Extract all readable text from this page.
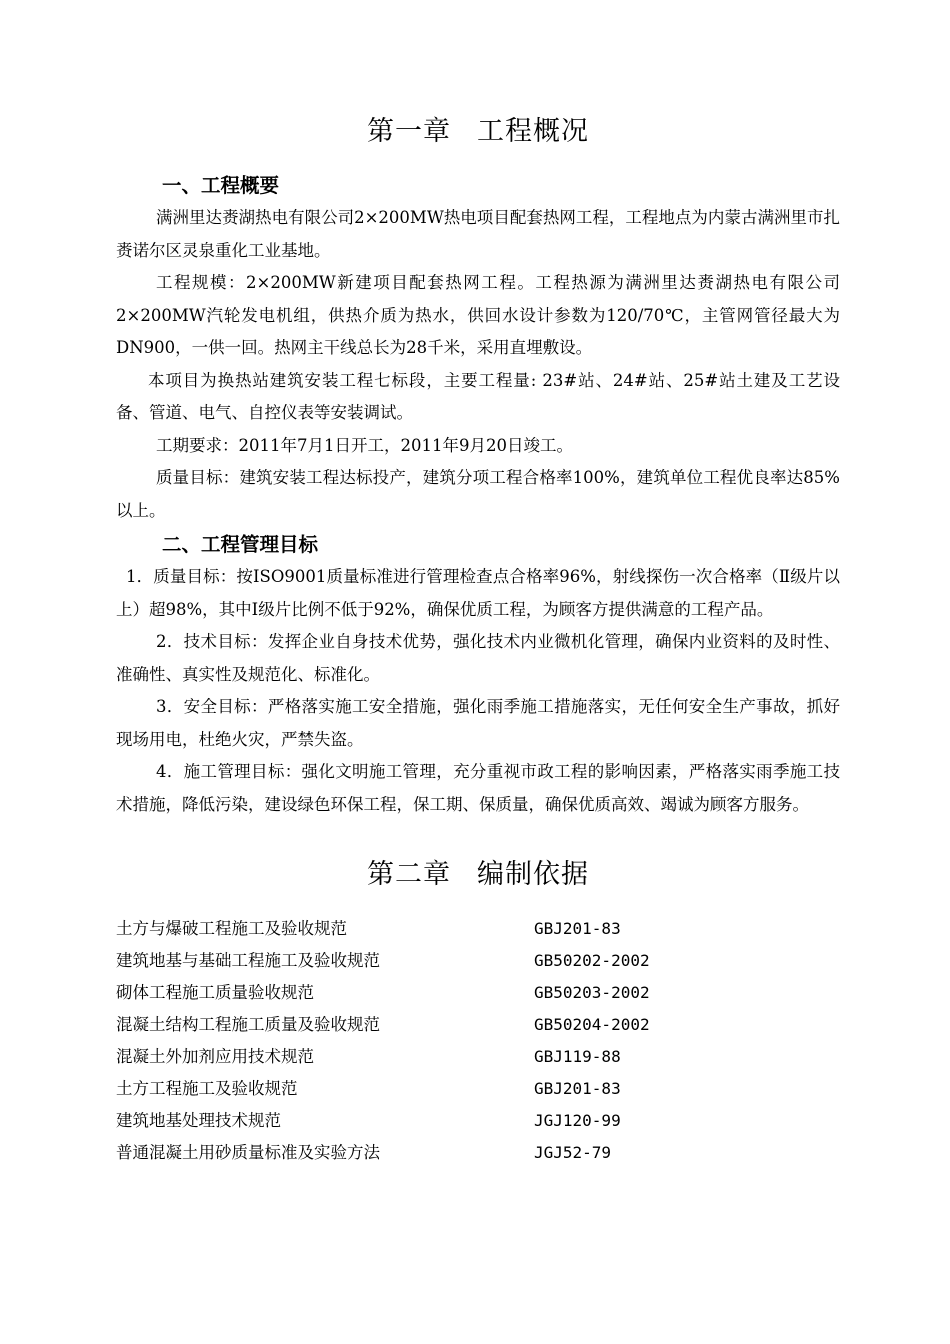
第一章 工程概况
一、工程概要

满洲里达赉湖热电有限公司2×200MW热电项目配套热网工程，工程地点为内蒙古满洲里市扎赉诺尔区灵泉重化工业基地。

工程规模：2×200MW新建项目配套热网工程。工程热源为满洲里达赉湖热电有限公司2×200MW汽轮发电机组，供热介质为热水，供回水设计参数为120/70℃，主管网管径最大为DN900，一供一回。热网主干线总长为28千米，采用直埋敷设。

本项目为换热站建筑安装工程七标段，主要工程量: 23#站、24#站、25#站土建及工艺设备、管道、电气、自控仪表等安装调试。

工期要求：2011年7月1日开工，2011年9月20日竣工。

质量目标：建筑安装工程达标投产，建筑分项工程合格率100%，建筑单位工程优良率达85%以上。

二、工程管理目标

1．质量目标：按ISO9001质量标准进行管理检查点合格率96%，射线探伤一次合格率（Ⅱ级片以上）超98%，其中Ⅰ级片比例不低于92%，确保优质工程，为顾客方提供满意的工程产品。

2．技术目标：发挥企业自身技术优势，强化技术内业微机化管理，确保内业资料的及时性、准确性、真实性及规范化、标准化。

3．安全目标：严格落实施工安全措施，强化雨季施工措施落实，无任何安全生产事故，抓好现场用电，杜绝火灾，严禁失盗。

4．施工管理目标：强化文明施工管理，充分重视市政工程的影响因素，严格落实雨季施工技术措施，降低污染，建设绿色环保工程，保工期、保质量，确保优质高效、竭诚为顾客方服务。

第二章 编制依据
土方与爆破工程施工及验收规范	GBJ201-83
建筑地基与基础工程施工及验收规范	GB50202-2002
砌体工程施工质量验收规范	GB50203-2002
混凝土结构工程施工质量及验收规范	GB50204-2002
混凝土外加剂应用技术规范	GBJ119-88
土方工程施工及验收规范	GBJ201-83
建筑地基处理技术规范	JGJ120-99
普通混凝土用砂质量标准及实验方法	JGJ52-79
